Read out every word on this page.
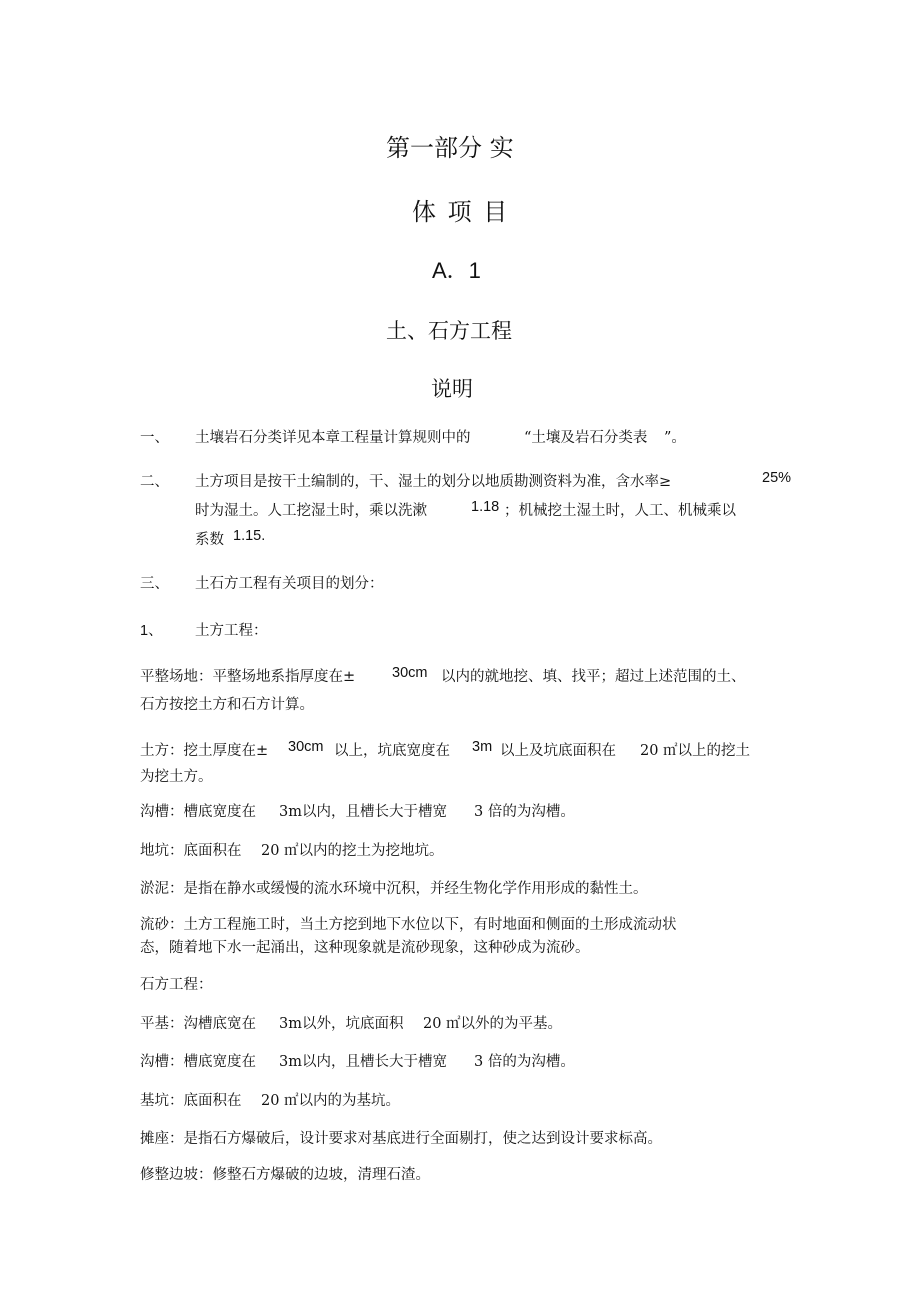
第一部分 实
体 项 目
A．1
土、石方工程
说明
一、 土壤岩石分类详见本章工程量计算规则中的	“土壤及岩石分类表 ”。
二、 土方项目是按干土编制的，干、湿土的划分以地质勘测资料为准，含水率≥	25%
时为湿土。人工挖湿土时，乘以洗漱	1.18 ；机械挖土湿土时，人工、机械乘以
系数 1.15.
三、 土石方工程有关项目的划分：
1、 土方工程：
平整场地：平整场地系指厚度在±	30cm 以内的就地挖、填、找平；超过上述范围的土、
石方按挖土方和石方计算。
土方：挖土厚度在± 30cm 以上，坑底宽度在 3m 以上及坑底面积在 20 ㎡以上的挖土
为挖土方。
沟槽：槽底宽度在 3m以内，且槽长大于槽宽 3 倍的为沟槽。
地坑：底面积在 20 ㎡以内的挖土为挖地坑。
淤泥：是指在静水或缓慢的流水环境中沉积，并经生物化学作用形成的黏性土。
流砂：土方工程施工时，当土方挖到地下水位以下，有时地面和侧面的土形成流动状
态，随着地下水一起涌出，这种现象就是流砂现象，这种砂成为流砂。
石方工程：
平基：沟槽底宽在 3m以外，坑底面积 20 ㎡以外的为平基。
沟槽：槽底宽度在 3m以内，且槽长大于槽宽 3 倍的为沟槽。
基坑：底面积在 20 ㎡以内的为基坑。
摊座：是指石方爆破后，设计要求对基底进行全面剔打，使之达到设计要求标高。
修整边坡：修整石方爆破的边坡，清理石渣。
